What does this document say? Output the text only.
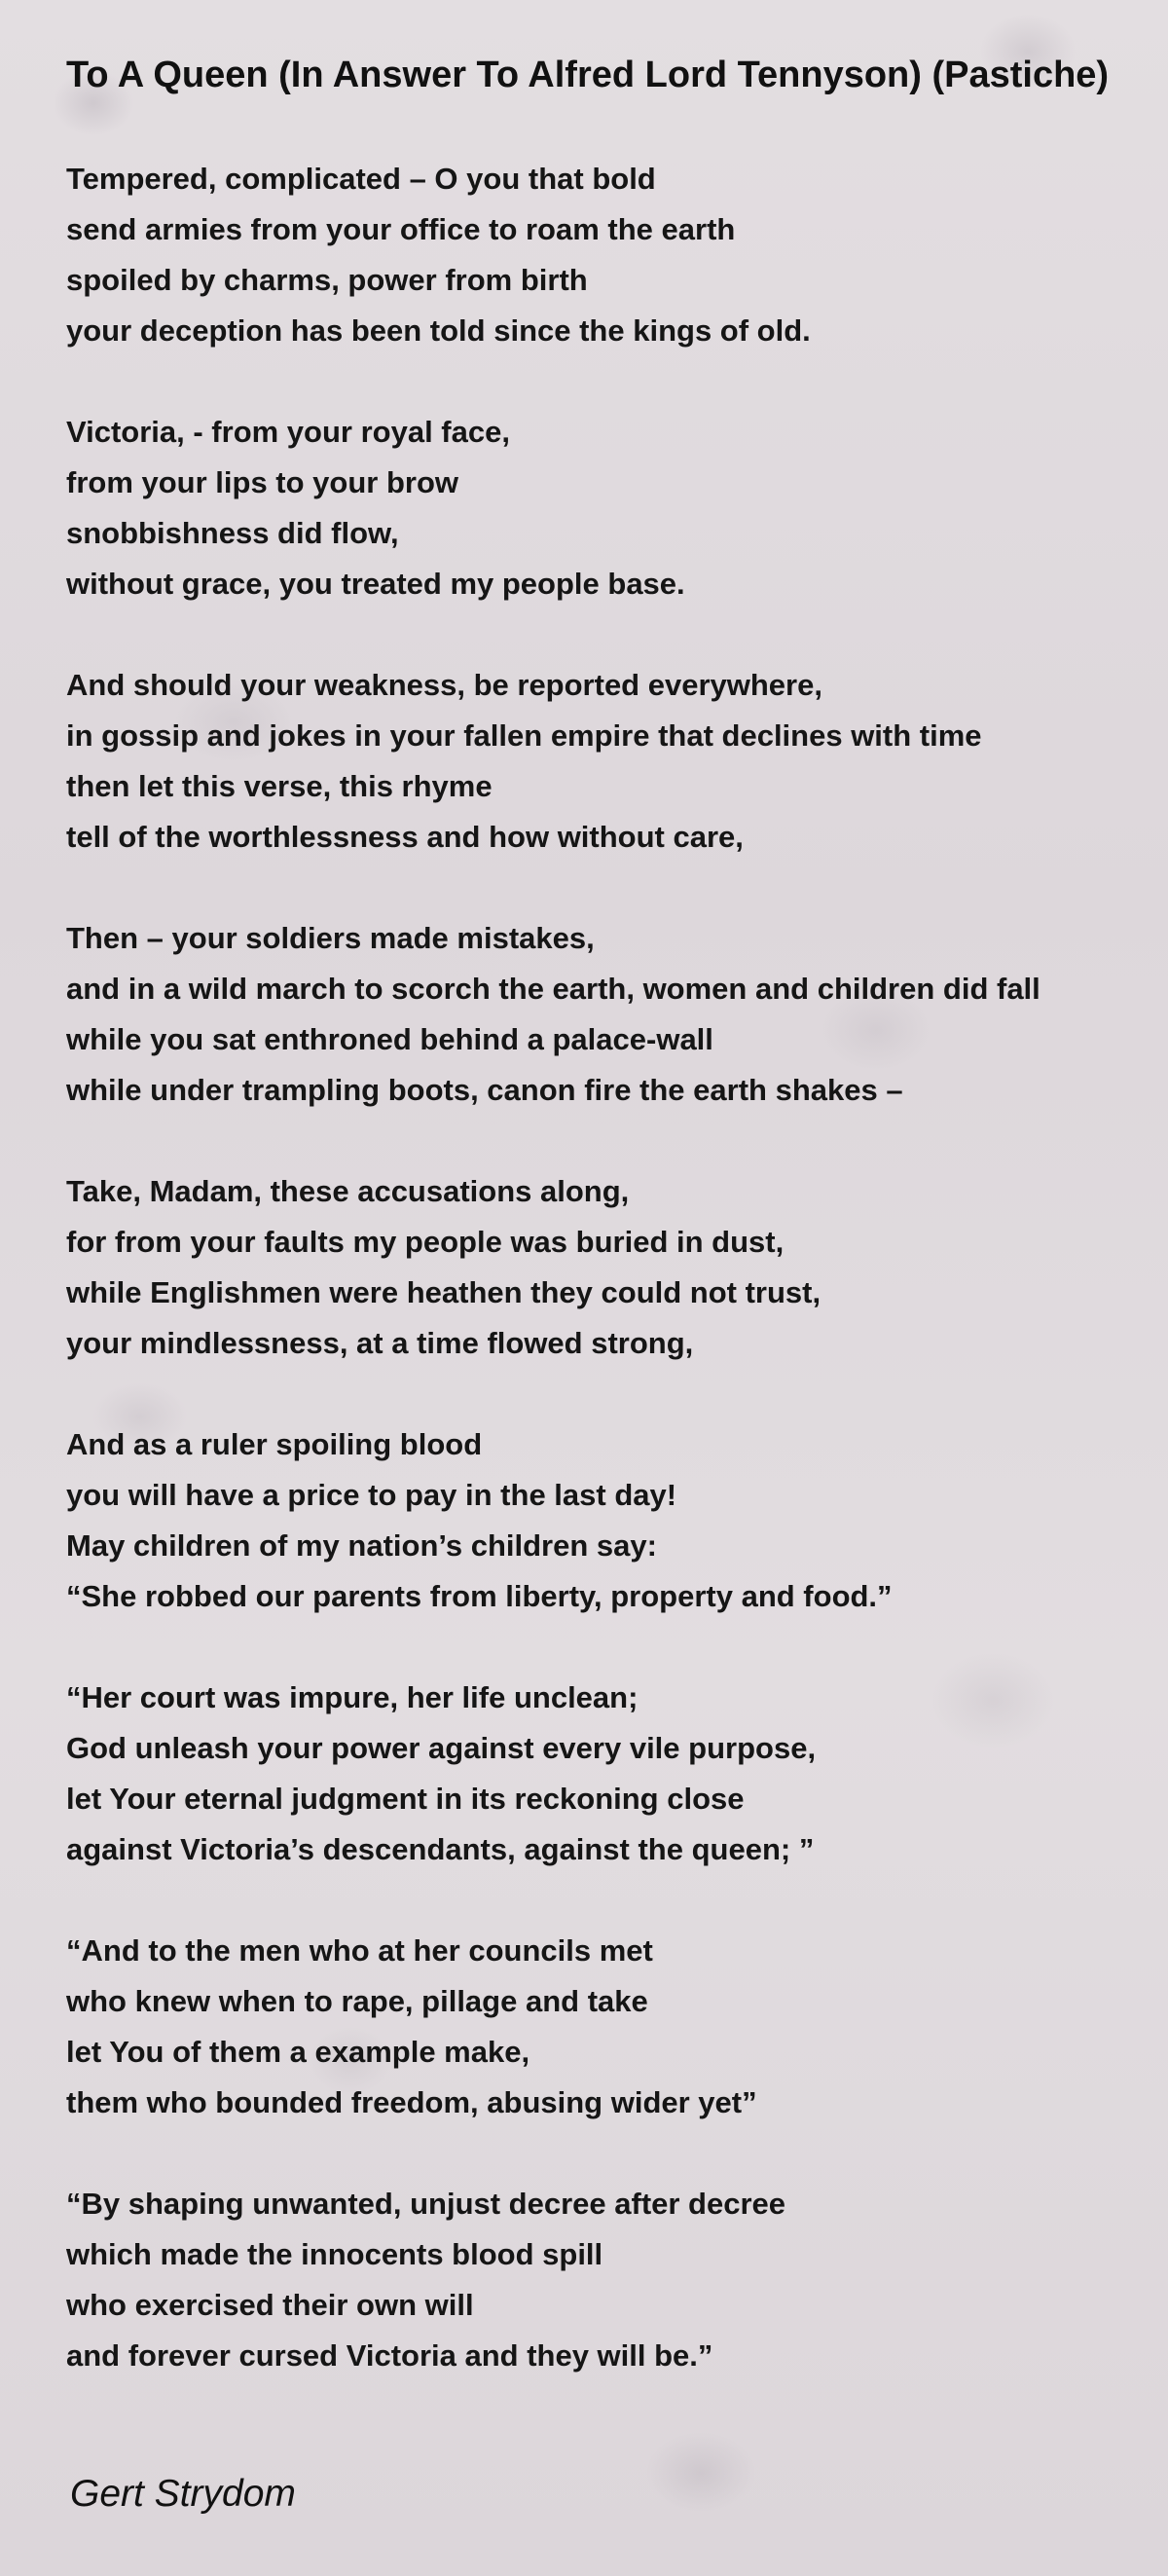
To A Queen (In Answer To Alfred Lord Tennyson) (Pastiche)
Tempered, complicated – O you that bold
send armies from your office to roam the earth
spoiled by charms, power from birth
your deception has been told since the kings of old.
Victoria, - from your royal face,
from your lips to your brow
snobbishness did flow,
without grace, you treated my people base.
And should your weakness, be reported everywhere,
in gossip and jokes in your fallen empire that declines with time
then let this verse, this rhyme
tell of the worthlessness and how without care,
Then – your soldiers made mistakes,
and in a wild march to scorch the earth, women and children did fall
while you sat enthroned behind a palace-wall
while under trampling boots, canon fire the earth shakes –
Take, Madam, these accusations along,
for from your faults my people was buried in dust,
while Englishmen were heathen they could not trust,
your mindlessness, at a time flowed strong,
And as a ruler spoiling blood
you will have a price to pay in the last day!
May children of my nation’s children say:
“She robbed our parents from liberty, property and food.”
“Her court was impure, her life unclean;
God unleash your power against every vile purpose,
let Your eternal judgment in its reckoning close
against Victoria’s descendants, against the queen; ”
“And to the men who at her councils met
who knew when to rape, pillage and take
let You of them a example make,
them who bounded freedom, abusing wider yet”
“By shaping unwanted, unjust decree after decree
which made the innocents blood spill
who exercised their own will
and forever cursed Victoria and they will be.”
Gert Strydom
